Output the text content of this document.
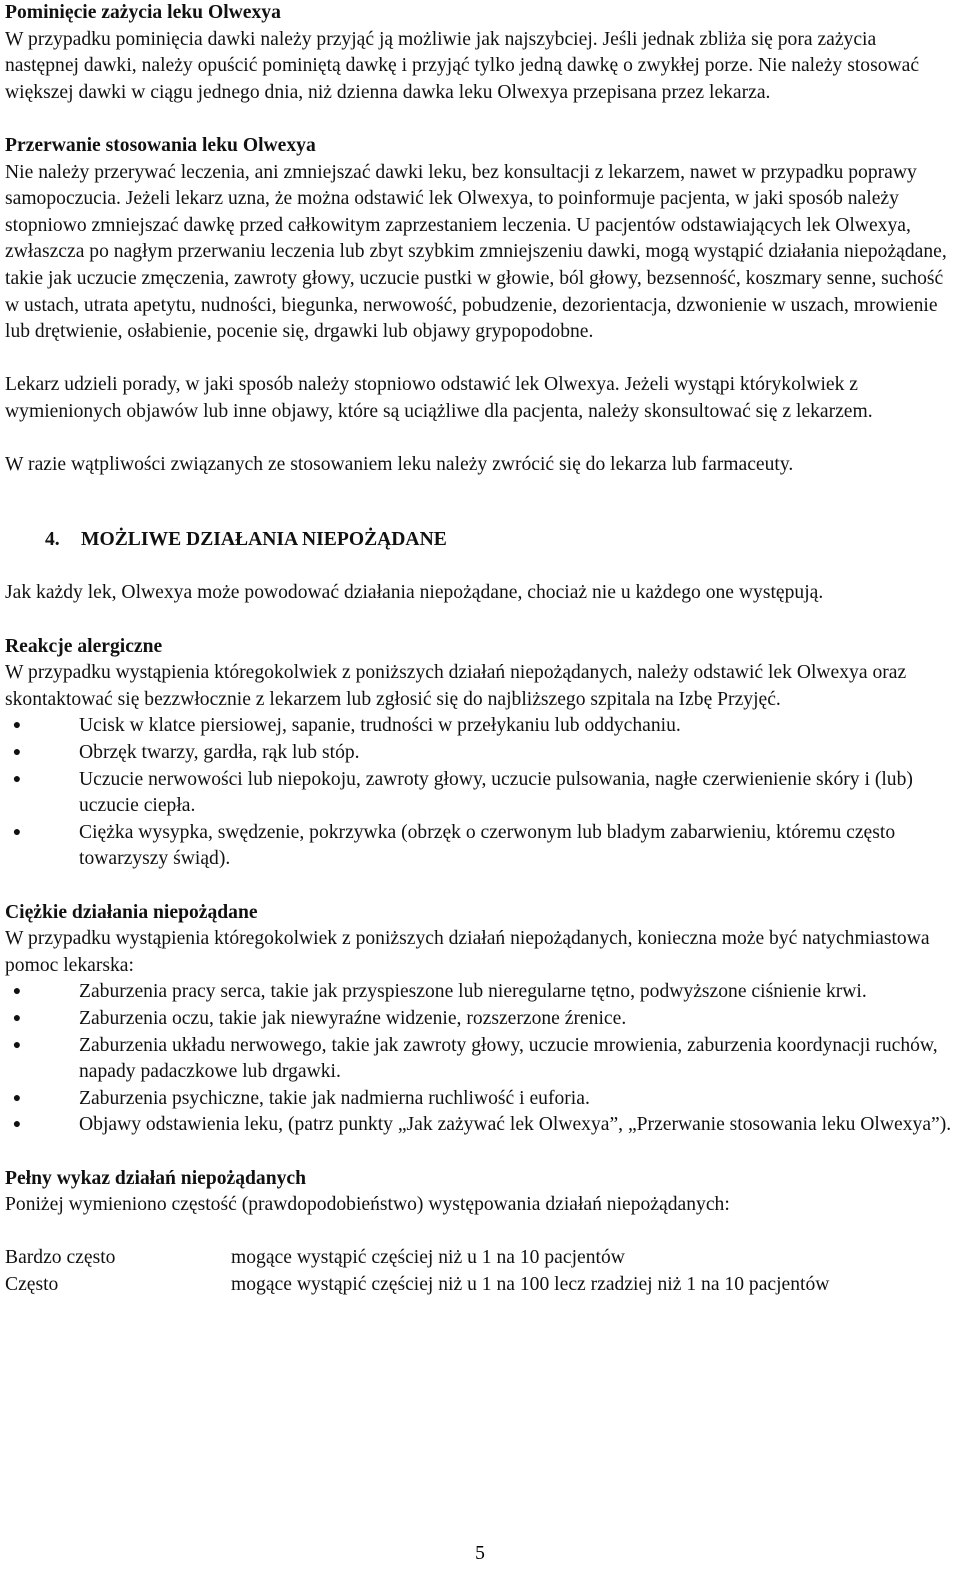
Pominięcie zażycia leku Olwexya

W przypadku pominięcia dawki należy przyjąć ją możliwie jak najszybciej. Jeśli jednak zbliża się pora zażycia następnej dawki, należy opuścić pominiętą dawkę i przyjąć tylko jedną dawkę o zwykłej porze. Nie należy stosować większej dawki w ciągu jednego dnia, niż dzienna dawka leku Olwexya przepisana przez lekarza.

Przerwanie stosowania leku Olwexya

Nie należy przerywać leczenia, ani zmniejszać dawki leku, bez konsultacji z lekarzem, nawet w przypadku poprawy samopoczucia. Jeżeli lekarz uzna, że można odstawić lek Olwexya, to poinformuje pacjenta, w jaki sposób należy stopniowo zmniejszać dawkę przed całkowitym zaprzestaniem leczenia. U pacjentów odstawiających lek Olwexya, zwłaszcza po nagłym przerwaniu leczenia lub zbyt szybkim zmniejszeniu dawki, mogą wystąpić działania niepożądane, takie jak uczucie zmęczenia, zawroty głowy, uczucie pustki w głowie, ból głowy, bezsenność, koszmary senne, suchość w ustach, utrata apetytu, nudności, biegunka, nerwowość, pobudzenie, dezorientacja, dzwonienie w uszach, mrowienie lub drętwienie, osłabienie, pocenie się, drgawki lub objawy grypopodobne.

Lekarz udzieli porady, w jaki sposób należy stopniowo odstawić lek Olwexya. Jeżeli wystąpi którykolwiek z wymienionych objawów lub inne objawy, które są uciążliwe dla pacjenta, należy skonsultować się z lekarzem.

W razie wątpliwości związanych ze stosowaniem leku należy zwrócić się do lekarza lub farmaceuty.

4. MOŻLIWE DZIAŁANIA NIEPOŻĄDANE

Jak każdy lek, Olwexya może powodować działania niepożądane, chociaż nie u każdego one występują.

Reakcje alergiczne

W przypadku wystąpienia któregokolwiek z poniższych działań niepożądanych, należy odstawić lek Olwexya oraz skontaktować się bezzwłocznie z lekarzem lub zgłosić się do najbliższego szpitala na Izbę Przyjęć.

●	Ucisk w klatce piersiowej, sapanie, trudności w przełykaniu lub oddychaniu.
●	Obrzęk twarzy, gardła, rąk lub stóp.
●	Uczucie nerwowości lub niepokoju, zawroty głowy, uczucie pulsowania, nagłe czerwienienie skóry i (lub) uczucie ciepła.
●	Ciężka wysypka, swędzenie, pokrzywka (obrzęk o czerwonym lub bladym zabarwieniu, któremu często towarzyszy świąd).

Ciężkie działania niepożądane

W przypadku wystąpienia któregokolwiek z poniższych działań niepożądanych, konieczna może być natychmiastowa pomoc lekarska:

●	Zaburzenia pracy serca, takie jak przyspieszone lub nieregularne tętno, podwyższone ciśnienie krwi.
●	Zaburzenia oczu, takie jak niewyraźne widzenie, rozszerzone źrenice.
●	Zaburzenia układu nerwowego, takie jak zawroty głowy, uczucie mrowienia, zaburzenia koordynacji ruchów, napady padaczkowe lub drgawki.
●	Zaburzenia psychiczne, takie jak nadmierna ruchliwość i euforia.
●	Objawy odstawienia leku, (patrz punkty „Jak zażywać lek Olwexya”, „Przerwanie stosowania leku Olwexya”).

Pełny wykaz działań niepożądanych

Poniżej wymieniono częstość (prawdopodobieństwo) występowania działań niepożądanych:

Bardzo często	mogące wystąpić częściej niż u 1 na 10 pacjentów
Często	mogące wystąpić częściej niż u 1 na 100 lecz rzadziej niż 1 na 10 pacjentów
5
